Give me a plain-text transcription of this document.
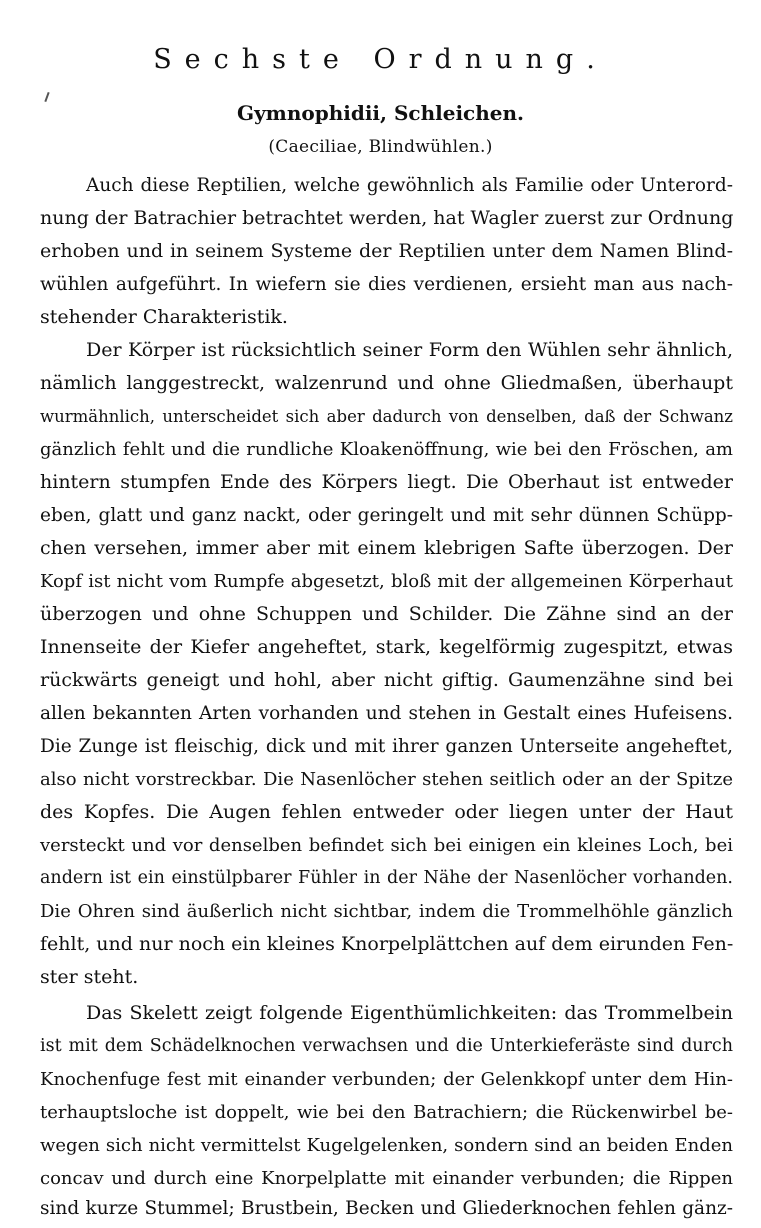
Sechste Ordnung.
Gymnophidii, Schleichen.
(Caeciliae, Blindwühlen.)
Auch diese Reptilien, welche gewöhnlich als Familie oder Unterord-
nung der Batrachier betrachtet werden, hat Wagler zuerst zur Ordnung
erhoben und in seinem Systeme der Reptilien unter dem Namen Blind-
wühlen aufgeführt. In wiefern sie dies verdienen, ersieht man aus nach-
stehender Charakteristik.
Der Körper ist rücksichtlich seiner Form den Wühlen sehr ähnlich,
nämlich langgestreckt, walzenrund und ohne Gliedmaßen, überhaupt
wurmähnlich, unterscheidet sich aber dadurch von denselben, daß der Schwanz
gänzlich fehlt und die rundliche Kloakenöffnung, wie bei den Fröschen, am
hintern stumpfen Ende des Körpers liegt. Die Oberhaut ist entweder
eben, glatt und ganz nackt, oder geringelt und mit sehr dünnen Schüpp-
chen versehen, immer aber mit einem klebrigen Safte überzogen. Der
Kopf ist nicht vom Rumpfe abgesetzt, bloß mit der allgemeinen Körperhaut
überzogen und ohne Schuppen und Schilder. Die Zähne sind an der
Innenseite der Kiefer angeheftet, stark, kegelförmig zugespitzt, etwas
rückwärts geneigt und hohl, aber nicht giftig. Gaumenzähne sind bei
allen bekannten Arten vorhanden und stehen in Gestalt eines Hufeisens.
Die Zunge ist fleischig, dick und mit ihrer ganzen Unterseite angeheftet,
also nicht vorstreckbar. Die Nasenlöcher stehen seitlich oder an der Spitze
des Kopfes. Die Augen fehlen entweder oder liegen unter der Haut
versteckt und vor denselben befindet sich bei einigen ein kleines Loch, bei
andern ist ein einstülpbarer Fühler in der Nähe der Nasenlöcher vorhanden.
Die Ohren sind äußerlich nicht sichtbar, indem die Trommelhöhle gänzlich
fehlt, und nur noch ein kleines Knorpelplättchen auf dem eirunden Fen-
ster steht.
Das Skelett zeigt folgende Eigenthümlichkeiten: das Trommelbein
ist mit dem Schädelknochen verwachsen und die Unterkieferäste sind durch
Knochenfuge fest mit einander verbunden; der Gelenkkopf unter dem Hin-
terhauptsloche ist doppelt, wie bei den Batrachiern; die Rückenwirbel be-
wegen sich nicht vermittelst Kugelgelenken, sondern sind an beiden Enden
concav und durch eine Knorpelplatte mit einander verbunden; die Rippen
sind kurze Stummel; Brustbein, Becken und Gliederknochen fehlen gänz-
